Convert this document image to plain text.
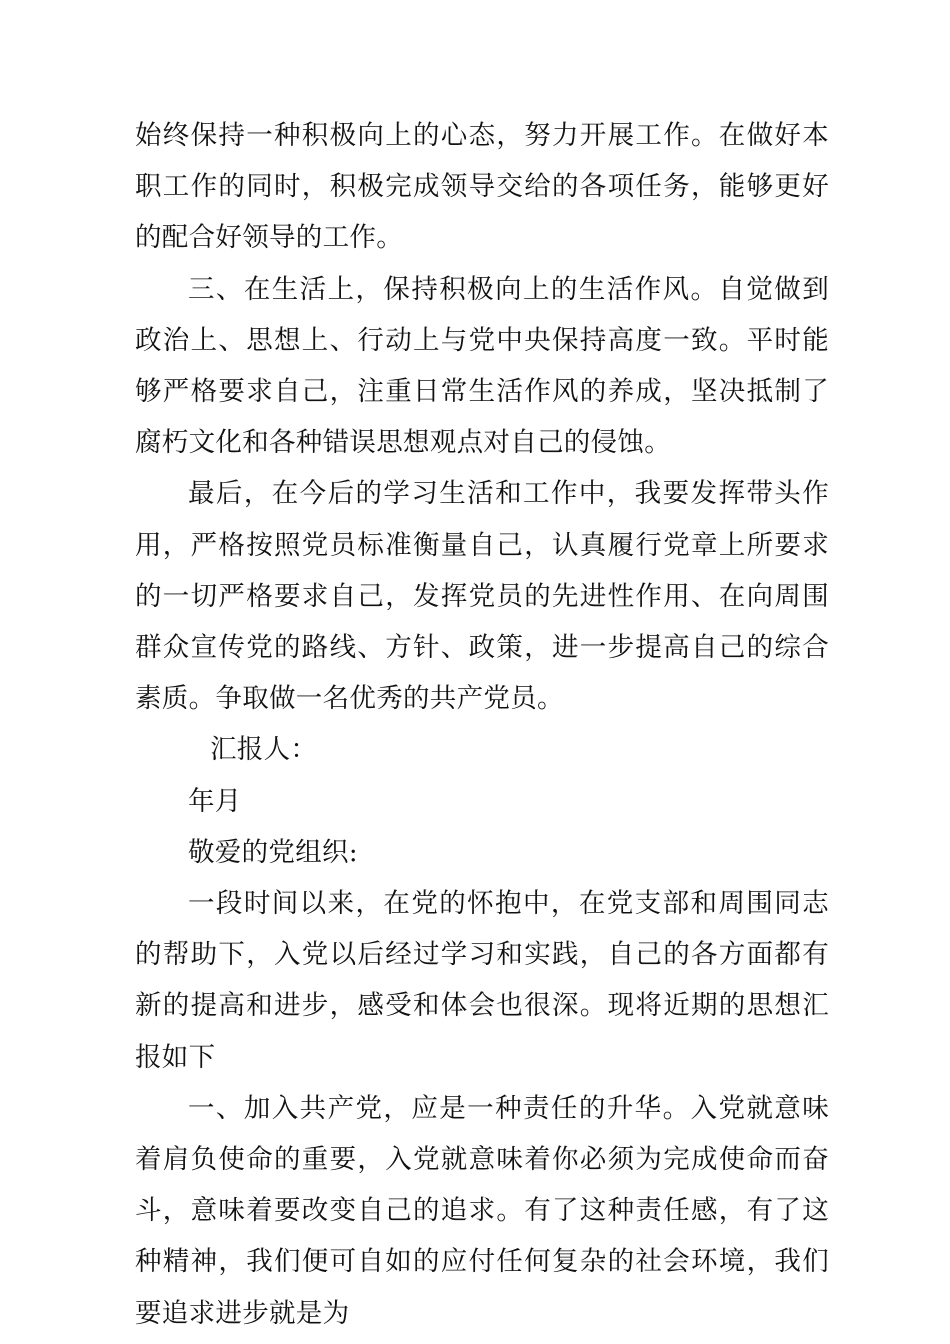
始终保持一种积极向上的心态，努力开展工作。在做好本职工作的同时，积极完成领导交给的各项任务，能够更好的配合好领导的工作。

三、在生活上，保持积极向上的生活作风。自觉做到政治上、思想上、行动上与党中央保持高度一致。平时能够严格要求自己，注重日常生活作风的养成，坚决抵制了腐朽文化和各种错误思想观点对自己的侵蚀。

最后，在今后的学习生活和工作中，我要发挥带头作用，严格按照党员标准衡量自己，认真履行党章上所要求的一切严格要求自己，发挥党员的先进性作用、在向周围群众宣传党的路线、方针、政策，进一步提高自己的综合素质。争取做一名优秀的共产党员。

汇报人：

年月

敬爱的党组织:

一段时间以来，在党的怀抱中，在党支部和周围同志的帮助下，入党以后经过学习和实践，自己的各方面都有新的提高和进步，感受和体会也很深。现将近期的思想汇报如下

一、加入共产党，应是一种责任的升华。入党就意味着肩负使命的重要，入党就意味着你必须为完成使命而奋斗，意味着要改变自己的追求。有了这种责任感，有了这种精神，我们便可自如的应付任何复杂的社会环境，我们要追求进步就是为
